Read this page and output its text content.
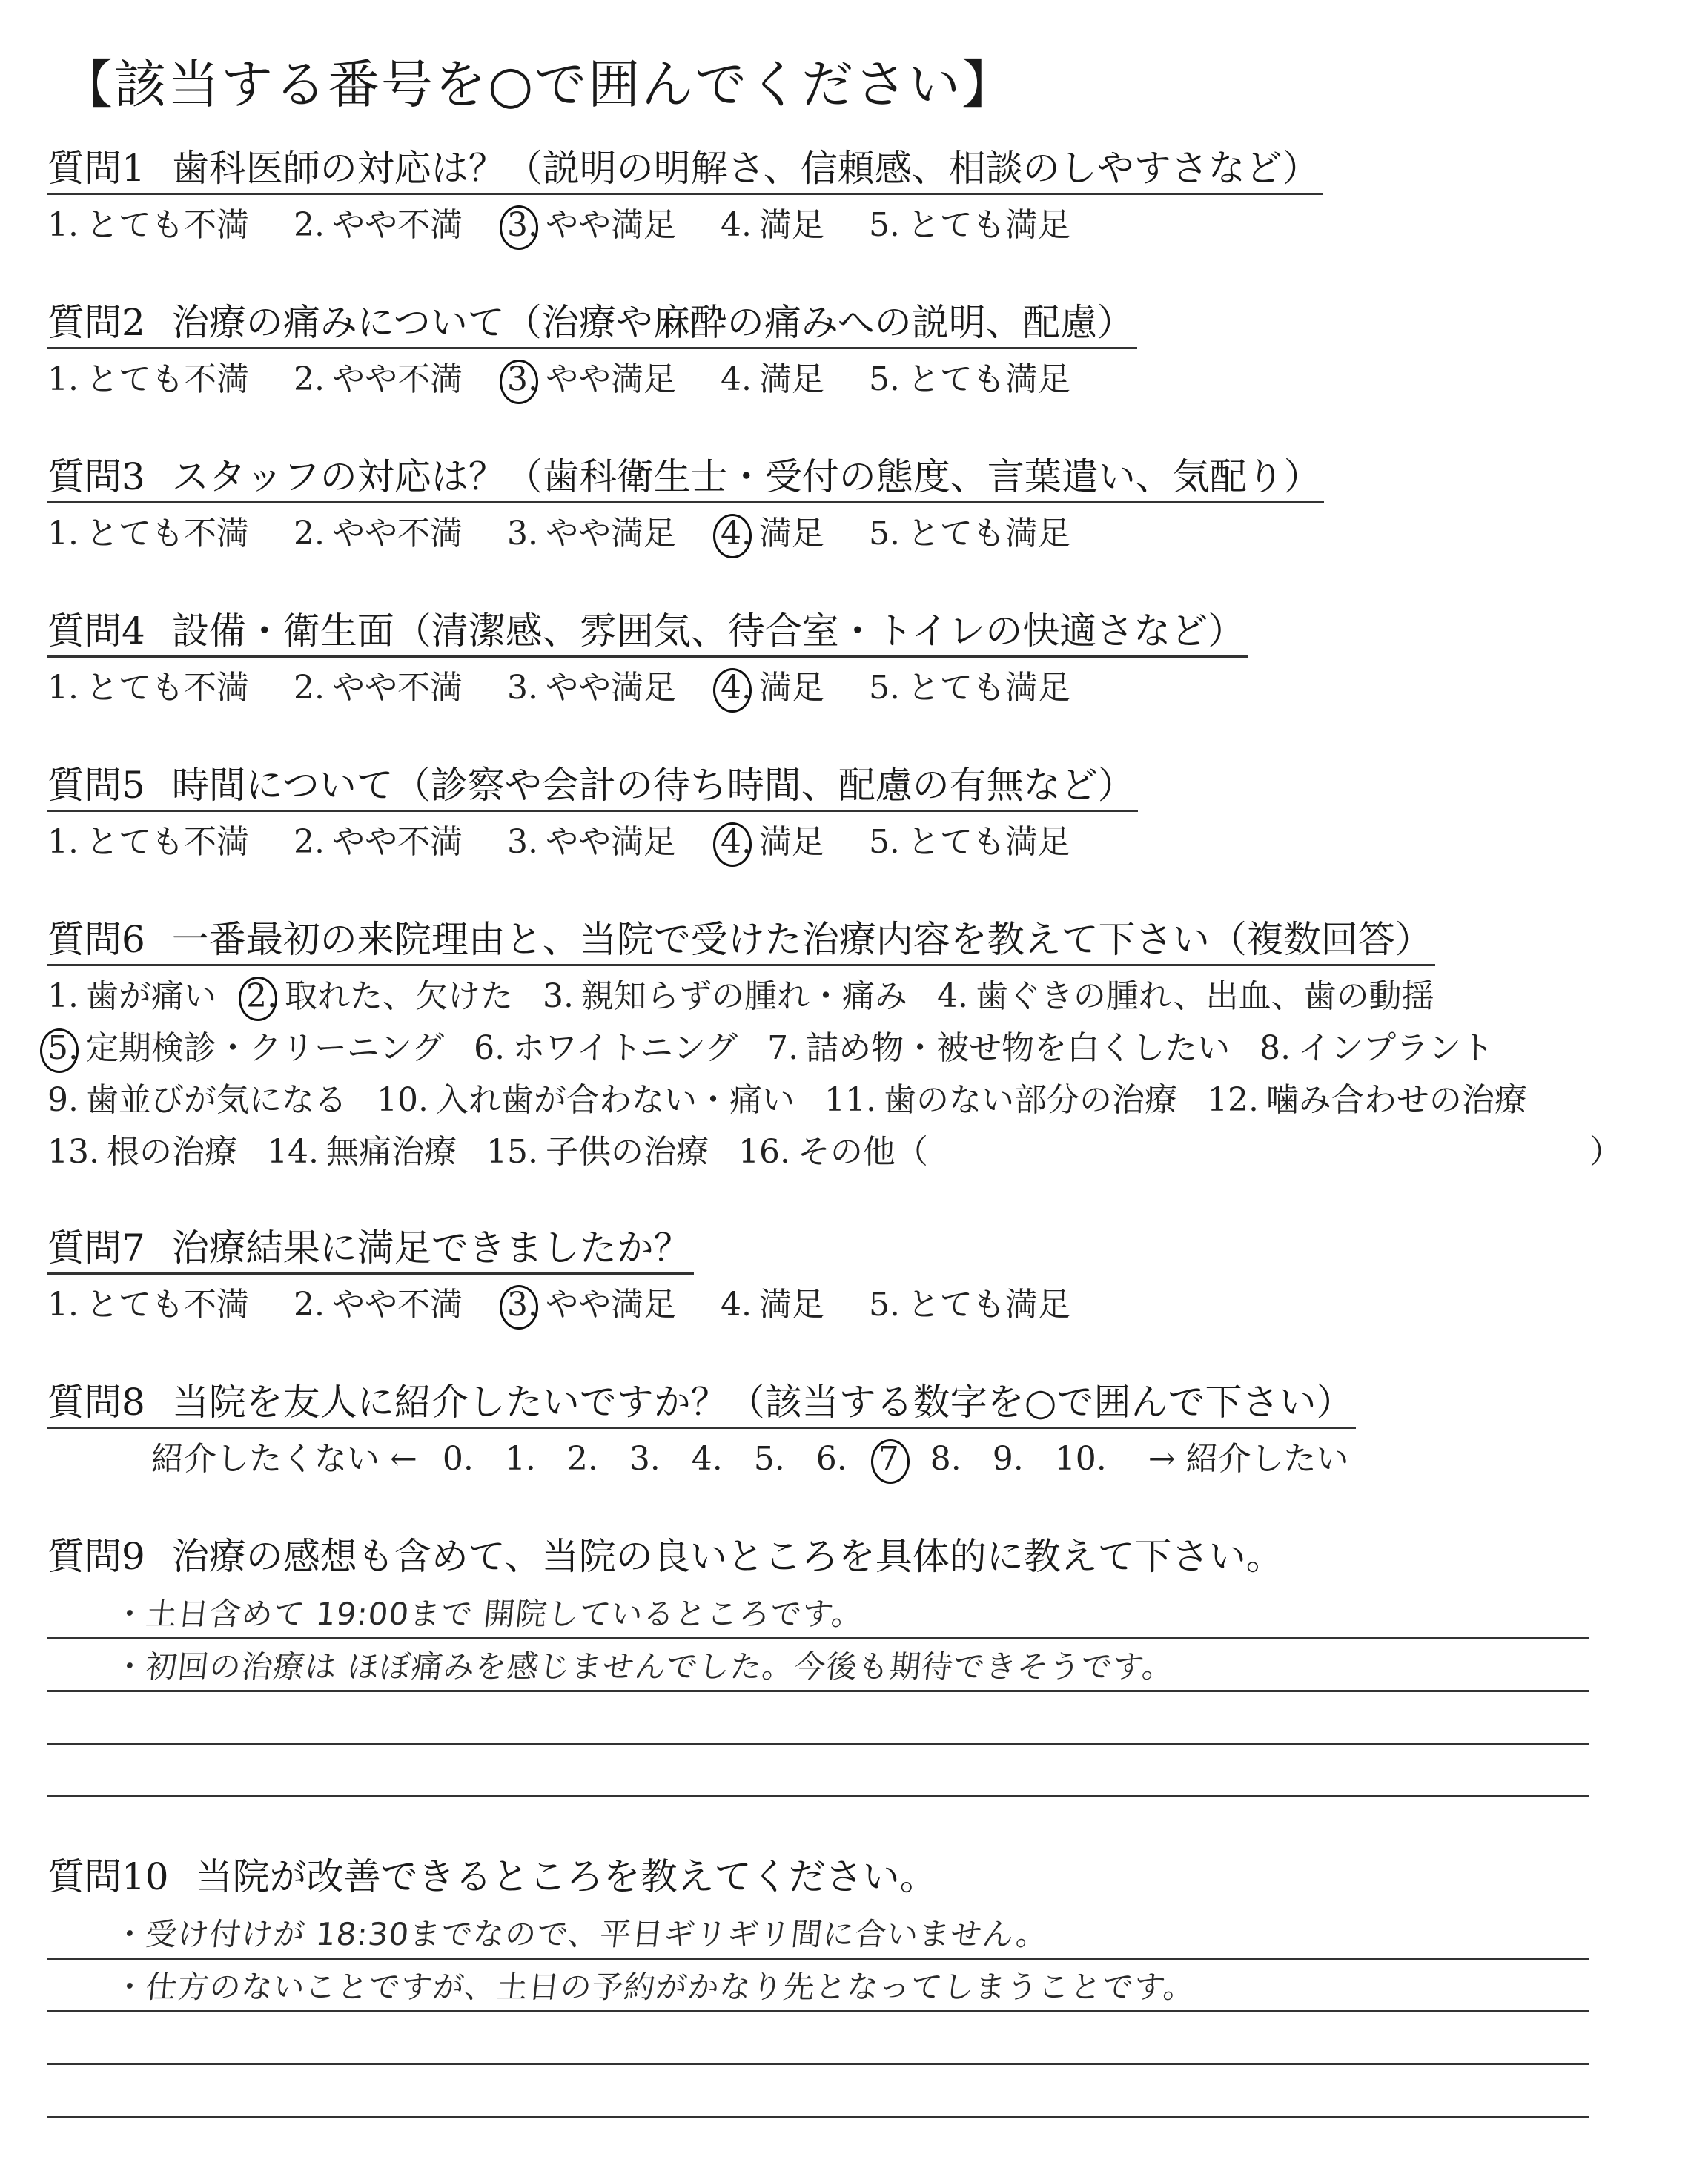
【該当する番号を○で囲んでください】
質問1 歯科医師の対応は？（説明の明解さ、信頼感、相談のしやすさなど）
1. とても不満 2. やや不満 3. やや満足 4. 満足 5. とても満足
質問2 治療の痛みについて（治療や麻酔の痛みへの説明、配慮）
1. とても不満 2. やや不満 3. やや満足 4. 満足 5. とても満足
質問3 スタッフの対応は？（歯科衛生士・受付の態度、言葉遣い、気配り）
1. とても不満 2. やや不満 3. やや満足 4. 満足 5. とても満足
質問4 設備・衛生面（清潔感、雰囲気、待合室・トイレの快適さなど）
1. とても不満 2. やや不満 3. やや満足 4. 満足 5. とても満足
質問5 時間について（診察や会計の待ち時間、配慮の有無など）
1. とても不満 2. やや不満 3. やや満足 4. 満足 5. とても満足
質問6 一番最初の来院理由と、当院で受けた治療内容を教えて下さい（複数回答）
1. 歯が痛い 2. 取れた、欠けた 3. 親知らずの腫れ・痛み 4. 歯ぐきの腫れ、出血、歯の動揺
5. 定期検診・クリーニング 6. ホワイトニング 7. 詰め物・被せ物を白くしたい 8. インプラント
9. 歯並びが気になる 10. 入れ歯が合わない・痛い 11. 歯のない部分の治療 12. 噛み合わせの治療
13. 根の治療 14. 無痛治療 15. 子供の治療 16. その他（	）
質問7 治療結果に満足できましたか？
1. とても不満 2. やや不満 3. やや満足 4. 満足 5. とても満足
質問8 当院を友人に紹介したいですか？（該当する数字を○で囲んで下さい）
紹介したくない ← 0. 1. 2. 3. 4. 5. 6. 7 8. 9. 10. → 紹介したい
質問9 治療の感想も含めて、当院の良いところを具体的に教えて下さい。
・土日含めて 19:00まで 開院しているところです。
・初回の治療は ほぼ痛みを感じませんでした。今後も期待できそうです。
質問10 当院が改善できるところを教えてください。
・受け付けが 18:30までなので、平日ギリギリ間に合いません。
・仕方のないことですが、土日の予約がかなり先となってしまうことです。
